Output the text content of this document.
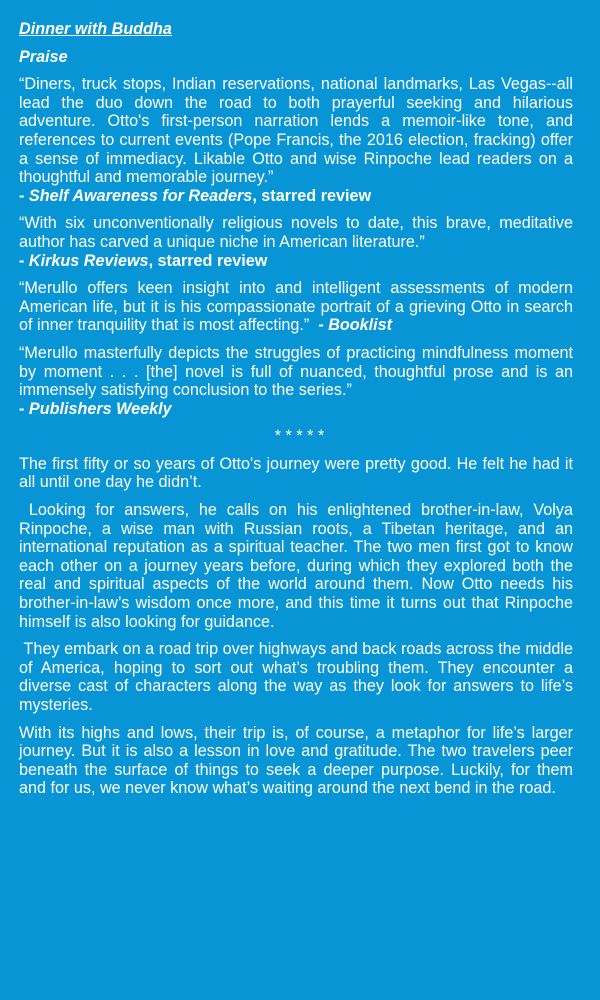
Dinner with Buddha
Praise
“Diners, truck stops, Indian reservations, national landmarks, Las Vegas--all lead the duo down the road to both prayerful seeking and hilarious adventure. Otto's first-person narration lends a memoir-like tone, and references to current events (Pope Francis, the 2016 election, fracking) offer a sense of immediacy. Likable Otto and wise Rinpoche lead readers on a thoughtful and memorable journey.”
- Shelf Awareness for Readers, starred review
“With six unconventionally religious novels to date, this brave, meditative author has carved a unique niche in American literature.”
- Kirkus Reviews, starred review
“Merullo offers keen insight into and intelligent assessments of modern American life, but it is his compassionate portrait of a grieving Otto in search of inner tranquility that is most affecting.” - Booklist
“Merullo masterfully depicts the struggles of practicing mindfulness moment by moment . . . [the] novel is full of nuanced, thoughtful prose and is an immensely satisfying conclusion to the series.”
- Publishers Weekly
* * * * *
The first fifty or so years of Otto's journey were pretty good. He felt he had it all until one day he didn’t.
Looking for answers, he calls on his enlightened brother-in-law, Volya Rinpoche, a wise man with Russian roots, a Tibetan heritage, and an international reputation as a spiritual teacher. The two men first got to know each other on a journey years before, during which they explored both the real and spiritual aspects of the world around them. Now Otto needs his brother-in-law’s wisdom once more, and this time it turns out that Rinpoche himself is also looking for guidance.
They embark on a road trip over highways and back roads across the middle of America, hoping to sort out what’s troubling them. They encounter a diverse cast of characters along the way as they look for answers to life’s mysteries.
With its highs and lows, their trip is, of course, a metaphor for life’s larger journey. But it is also a lesson in love and gratitude. The two travelers peer beneath the surface of things to seek a deeper purpose. Luckily, for them and for us, we never know what’s waiting around the next bend in the road.
